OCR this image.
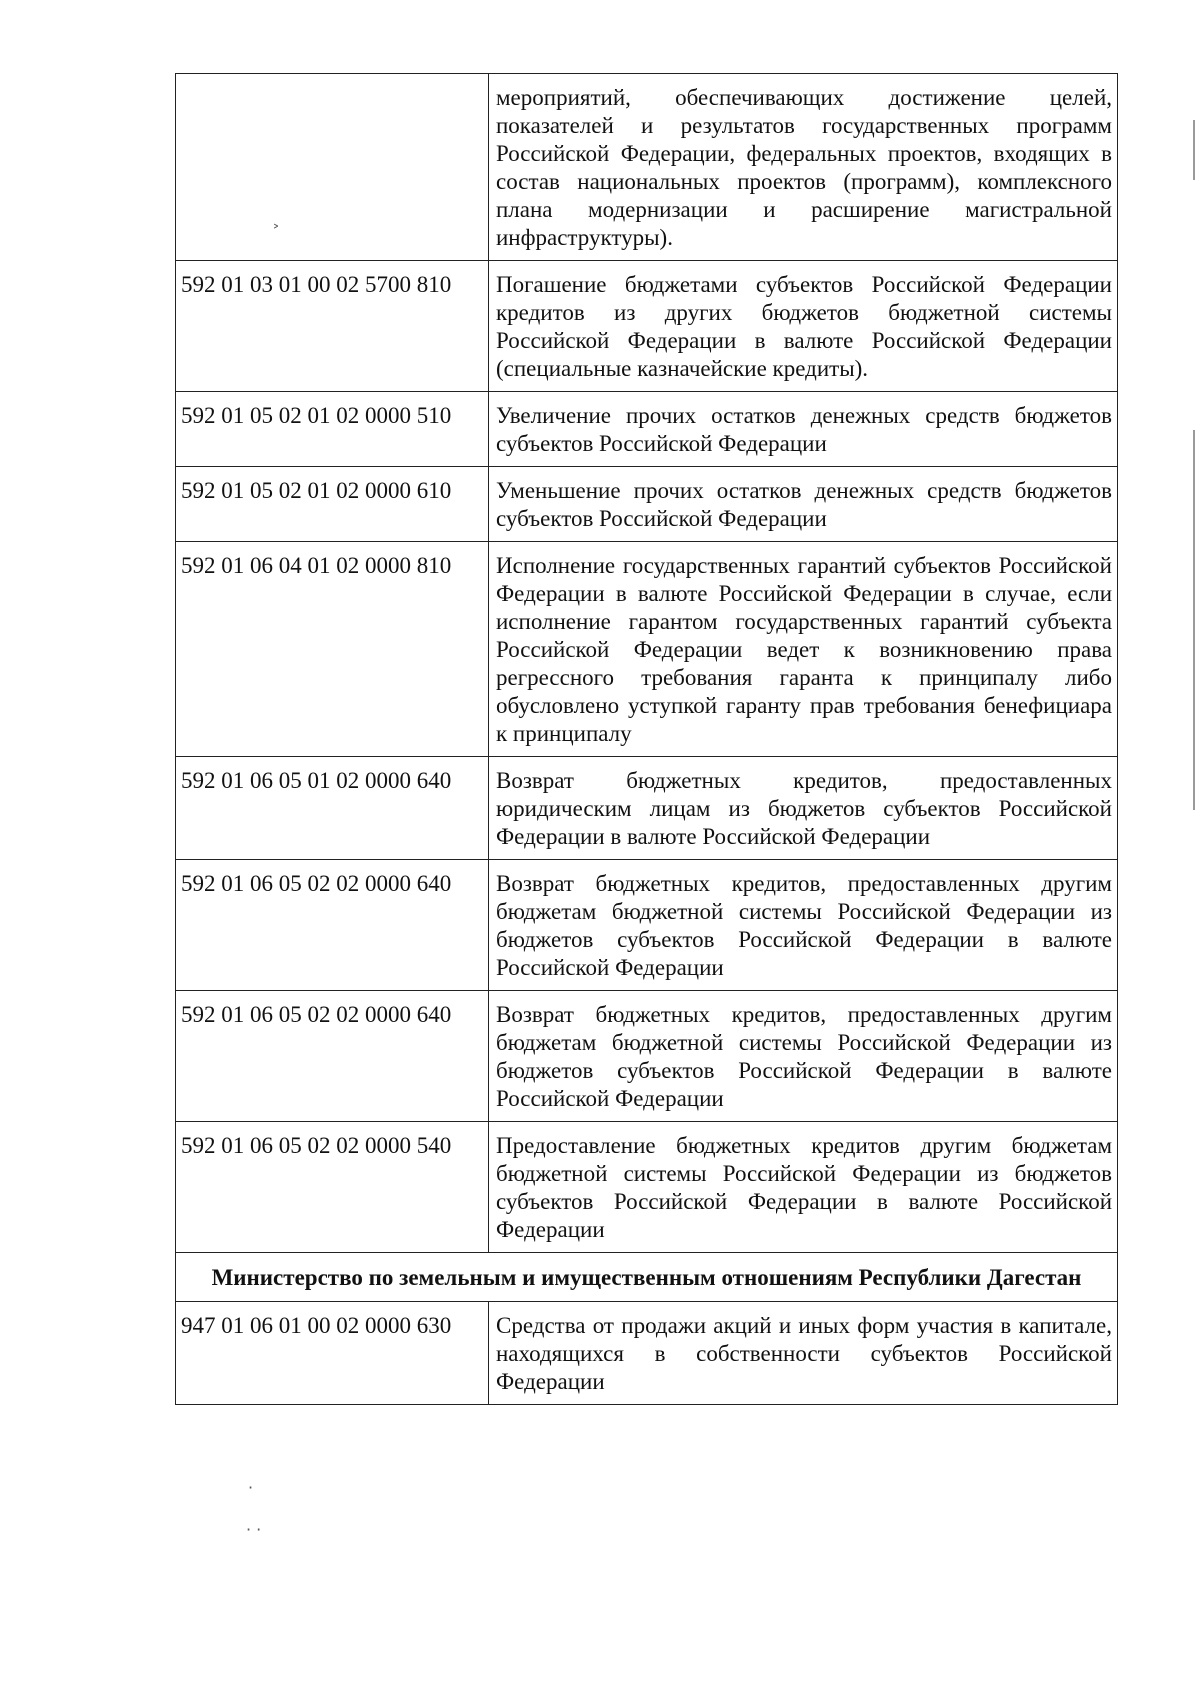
	мероприятий, обеспечивающих достижение целей, показателей и результатов государственных программ Российской Федерации, федеральных проектов, входящих в состав национальных проектов (программ), комплексного плана модернизации и расширение магистральной инфраструктуры).
592 01 03 01 00 02 5700 810	Погашение бюджетами субъектов Российской Федерации кредитов из других бюджетов бюджетной системы Российской Федерации в валюте Российской Федерации (специальные казначейские кредиты).
592 01 05 02 01 02 0000 510	Увеличение прочих остатков денежных средств бюджетов субъектов Российской Федерации
592 01 05 02 01 02 0000 610	Уменьшение прочих остатков денежных средств бюджетов субъектов Российской Федерации
592 01 06 04 01 02 0000 810	Исполнение государственных гарантий субъектов Российской Федерации в валюте Российской Федерации в случае, если исполнение гарантом государственных гарантий субъекта Российской Федерации ведет к возникновению права регрессного требования гаранта к принципалу либо обусловлено уступкой гаранту прав требования бенефициара к принципалу
592 01 06 05 01 02 0000 640	Возврат бюджетных кредитов, предоставленных юридическим лицам из бюджетов субъектов Российской Федерации в валюте Российской Федерации
592 01 06 05 02 02 0000 640	Возврат бюджетных кредитов, предоставленных другим бюджетам бюджетной системы Российской Федерации из бюджетов субъектов Российской Федерации в валюте Российской Федерации
592 01 06 05 02 02 0000 640	Возврат бюджетных кредитов, предоставленных другим бюджетам бюджетной системы Российской Федерации из бюджетов субъектов Российской Федерации в валюте Российской Федерации
592 01 06 05 02 02 0000 540	Предоставление бюджетных кредитов другим бюджетам бюджетной системы Российской Федерации из бюджетов субъектов Российской Федерации в валюте Российской Федерации
Министерство по земельным и имущественным отношениям Республики Дагестан	
947 01 06 01 00 02 0000 630	Средства от продажи акций и иных форм участия в капитале, находящихся в собственности субъектов Российской Федерации
˃
·
· ·
